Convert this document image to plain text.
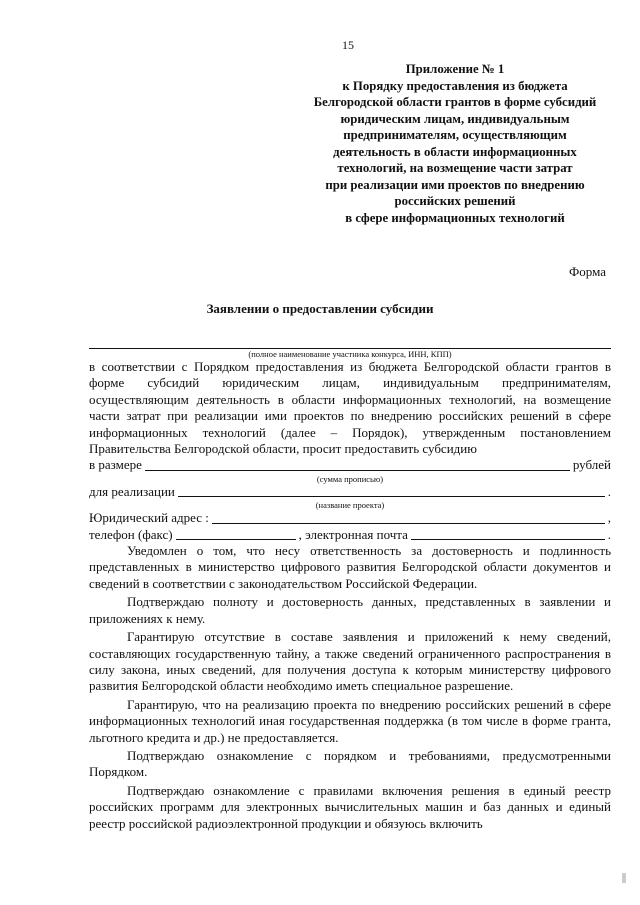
15
Приложение № 1
к Порядку предоставления из бюджета
Белгородской области грантов в форме субсидий
юридическим лицам, индивидуальным
предпринимателям, осуществляющим
деятельность в области информационных
технологий, на возмещение части затрат
при реализации ими проектов по внедрению
российских решений
в сфере информационных технологий
Форма
Заявлении о предоставлении субсидии
(полное наименование участника конкурса, ИНН, КПП)
в соответствии с Порядком предоставления из бюджета Белгородской области грантов в форме субсидий юридическим лицам, индивидуальным предпринимателям, осуществляющим деятельность в области информационных технологий, на возмещение части затрат при реализации ими проектов по внедрению российских решений в сфере информационных технологий (далее – Порядок), утвержденным постановлением Правительства Белгородской области, просит предоставить субсидию
в размере	рублей
(сумма прописью)
для реализации	.
(название проекта)
Юридический адрес :	,
телефон (факс)	, электронная почта	.
Уведомлен о том, что несу ответственность за достоверность и подлинность представленных в министерство цифрового развития Белгородской области документов и сведений в соответствии с законодательством Российской Федерации.
Подтверждаю полноту и достоверность данных, представленных в заявлении и приложениях к нему.
Гарантирую отсутствие в составе заявления и приложений к нему сведений, составляющих государственную тайну, а также сведений ограниченного распространения в силу закона, иных сведений, для получения доступа к которым министерству цифрового развития Белгородской области необходимо иметь специальное разрешение.
Гарантирую, что на реализацию проекта по внедрению российских решений в сфере информационных технологий иная государственная поддержка (в том числе в форме гранта, льготного кредита и др.) не предоставляется.
Подтверждаю ознакомление с порядком и требованиями, предусмотренными Порядком.
Подтверждаю ознакомление с правилами включения решения в единый реестр российских программ для электронных вычислительных машин и баз данных и единый реестр российской радиоэлектронной продукции и обязуюсь включить
